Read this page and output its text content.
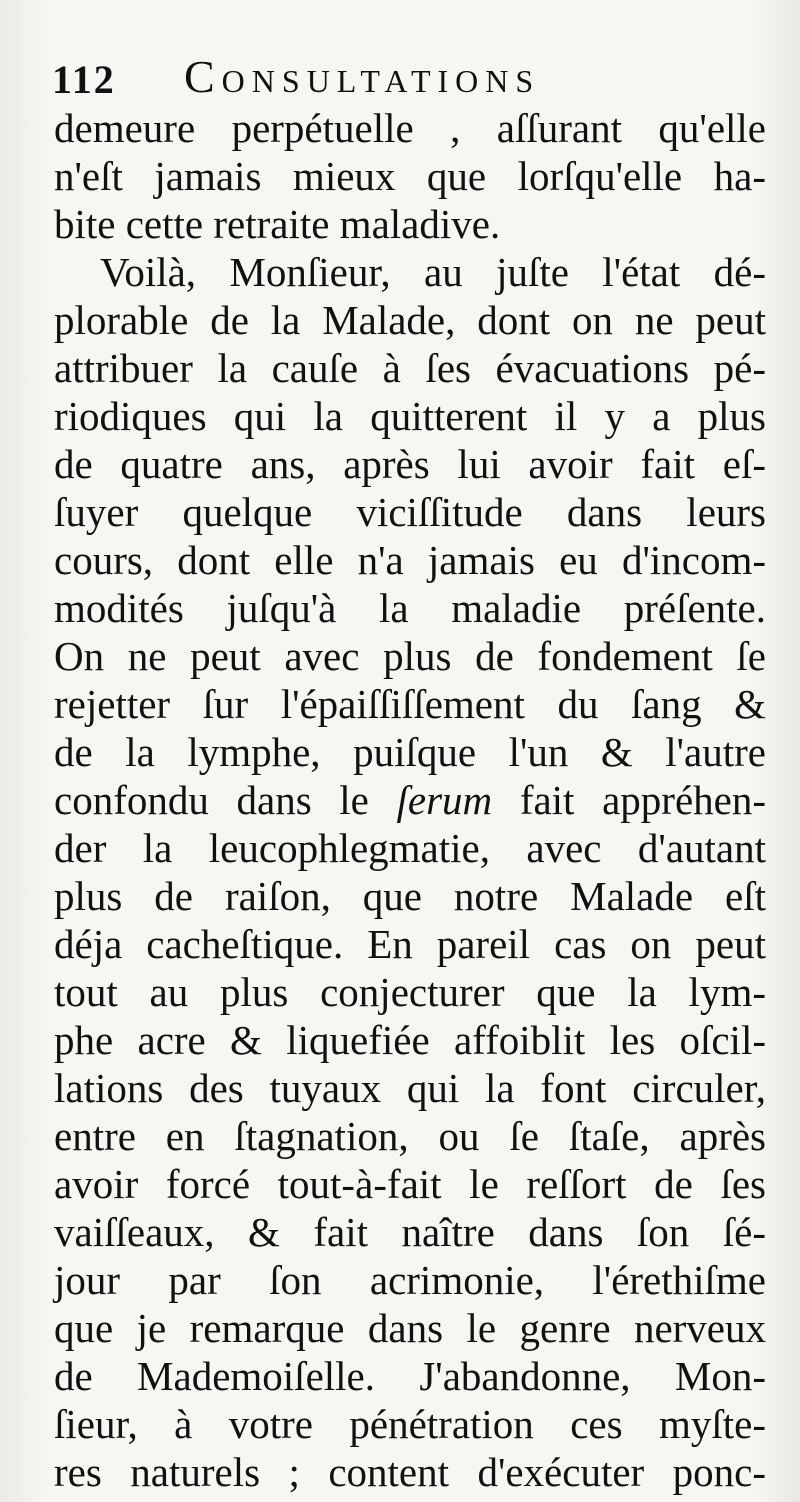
112 Consultations
demeure perpétuelle , aſſurant qu'elle
n'eſt jamais mieux que lorſqu'elle ha-
bite cette retraite maladive.
Voilà, Monſieur, au juſte l'état dé-
plorable de la Malade, dont on ne peut
attribuer la cauſe à ſes évacuations pé-
riodiques qui la quitterent il y a plus
de quatre ans, après lui avoir fait eſ-
ſuyer quelque viciſſitude dans leurs
cours, dont elle n'a jamais eu d'incom-
modités juſqu'à la maladie préſente.
On ne peut avec plus de fondement ſe
rejetter ſur l'épaiſſiſſement du ſang &
de la lymphe, puiſque l'un & l'autre
confondu dans le ſerum fait appréhen-
der la leucophlegmatie, avec d'autant
plus de raiſon, que notre Malade eſt
déja cacheſtique. En pareil cas on peut
tout au plus conjecturer que la lym-
phe acre & liquefiée affoiblit les oſcil-
lations des tuyaux qui la font circuler,
entre en ſtagnation, ou ſe ſtaſe, après
avoir forcé tout-à-fait le reſſort de ſes
vaiſſeaux, & fait naître dans ſon ſé-
jour par ſon acrimonie, l'érethiſme
que je remarque dans le genre nerveux
de Mademoiſelle. J'abandonne, Mon-
ſieur, à votre pénétration ces myſte-
res naturels ; content d'exécuter ponc-
